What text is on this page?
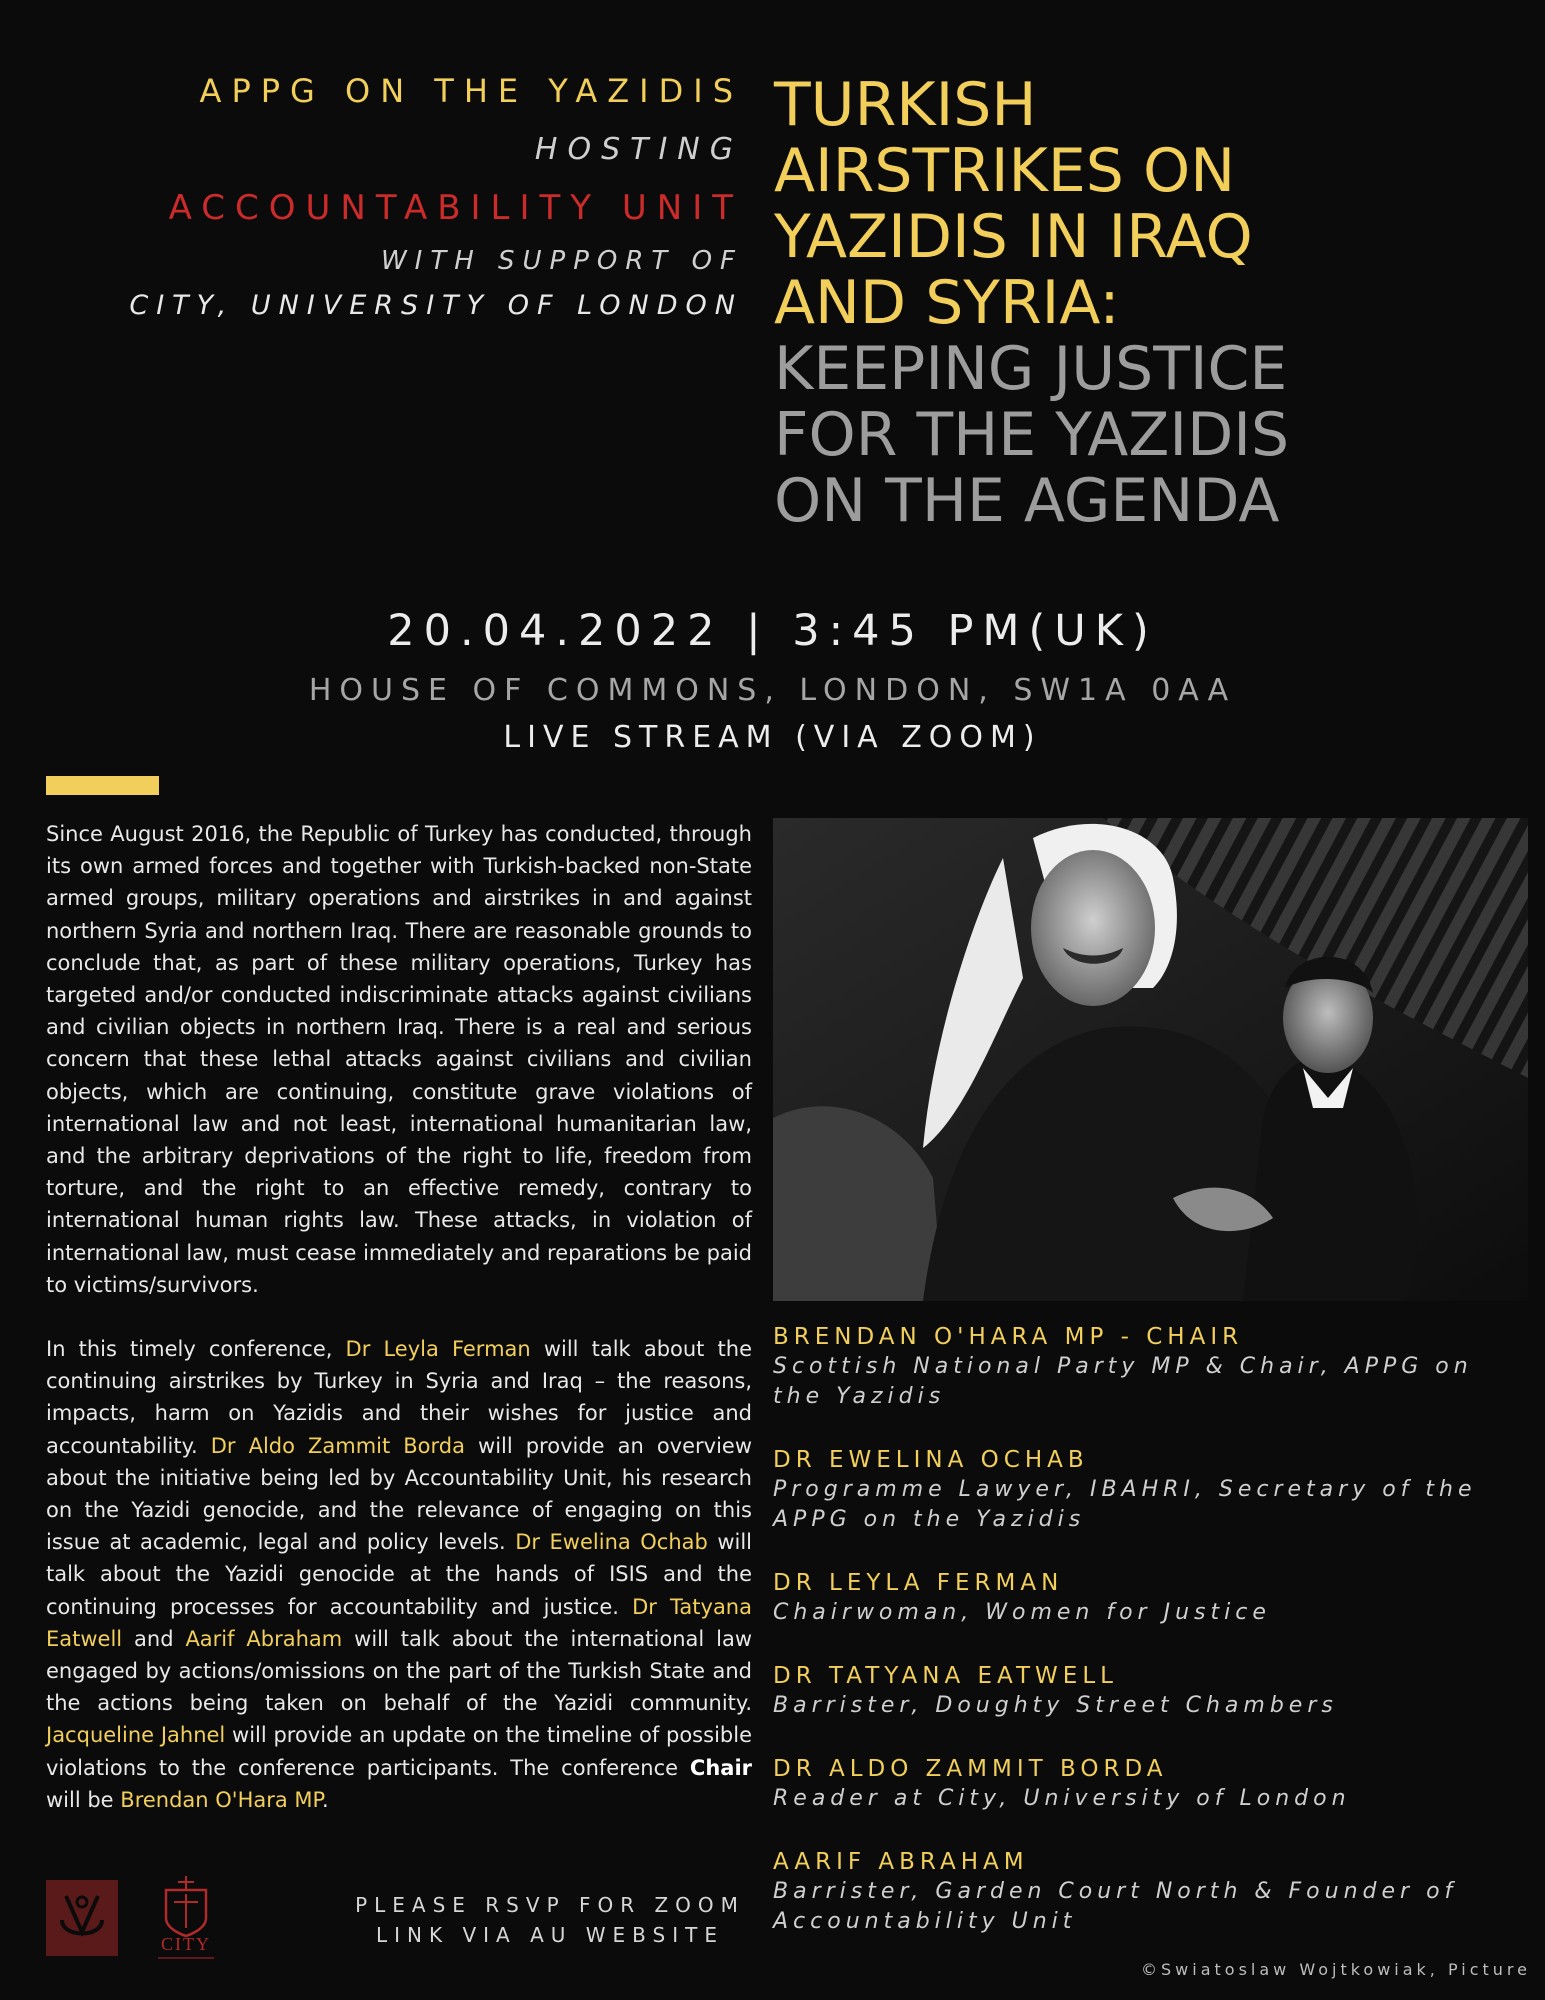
APPG ON THE YAZIDIS
HOSTING
ACCOUNTABILITY UNIT
WITH SUPPORT OF
CITY, UNIVERSITY OF LONDON
TURKISH
AIRSTRIKES ON
YAZIDIS IN IRAQ
AND SYRIA:
KEEPING JUSTICE
FOR THE YAZIDIS
ON THE AGENDA
20.04.2022 | 3:45 PM(UK)
HOUSE OF COMMONS, LONDON, SW1A 0AA
LIVE STREAM (VIA ZOOM)

Since August 2016, the Republic of Turkey has conducted, through its own armed forces and together with Turkish-backed non-State armed groups, military operations and airstrikes in and against northern Syria and northern Iraq. There are reasonable grounds to conclude that, as part of these military operations, Turkey has targeted and/or conducted indiscriminate attacks against civilians and civilian objects in northern Iraq. There is a real and serious concern that these lethal attacks against civilians and civilian objects, which are continuing, constitute grave violations of international law and not least, international humanitarian law, and the arbitrary deprivations of the right to life, freedom from torture, and the right to an effective remedy, contrary to international human rights law. These attacks, in violation of international law, must cease immediately and reparations be paid to victims/survivors.

In this timely conference, Dr Leyla Ferman will talk about the continuing airstrikes by Turkey in Syria and Iraq – the reasons, impacts, harm on Yazidis and their wishes for justice and accountability. Dr Aldo Zammit Borda will provide an overview about the initiative being led by Accountability Unit, his research on the Yazidi genocide, and the relevance of engaging on this issue at academic, legal and policy levels. Dr Ewelina Ochab will talk about the Yazidi genocide at the hands of ISIS and the continuing processes for accountability and justice. Dr Tatyana Eatwell and Aarif Abraham will talk about the international law engaged by actions/omissions on the part of the Turkish State and the actions being taken on behalf of the Yazidi community. Jacqueline Jahnel will provide an update on the timeline of possible violations to the conference participants. The conference Chair will be Brendan O'Hara MP.

BRENDAN O'HARA MP - CHAIR
Scottish National Party MP & Chair, APPG on the Yazidis
DR EWELINA OCHAB
Programme Lawyer, IBAHRI, Secretary of the APPG on the Yazidis
DR LEYLA FERMAN
Chairwoman, Women for Justice
DR TATYANA EATWELL
Barrister, Doughty Street Chambers
DR ALDO ZAMMIT BORDA
Reader at City, University of London
AARIF ABRAHAM
Barrister, Garden Court North & Founder of Accountability Unit
CITY
PLEASE RSVP FOR ZOOM
LINK VIA AU WEBSITE
©Swiatoslaw Wojtkowiak, Picture
